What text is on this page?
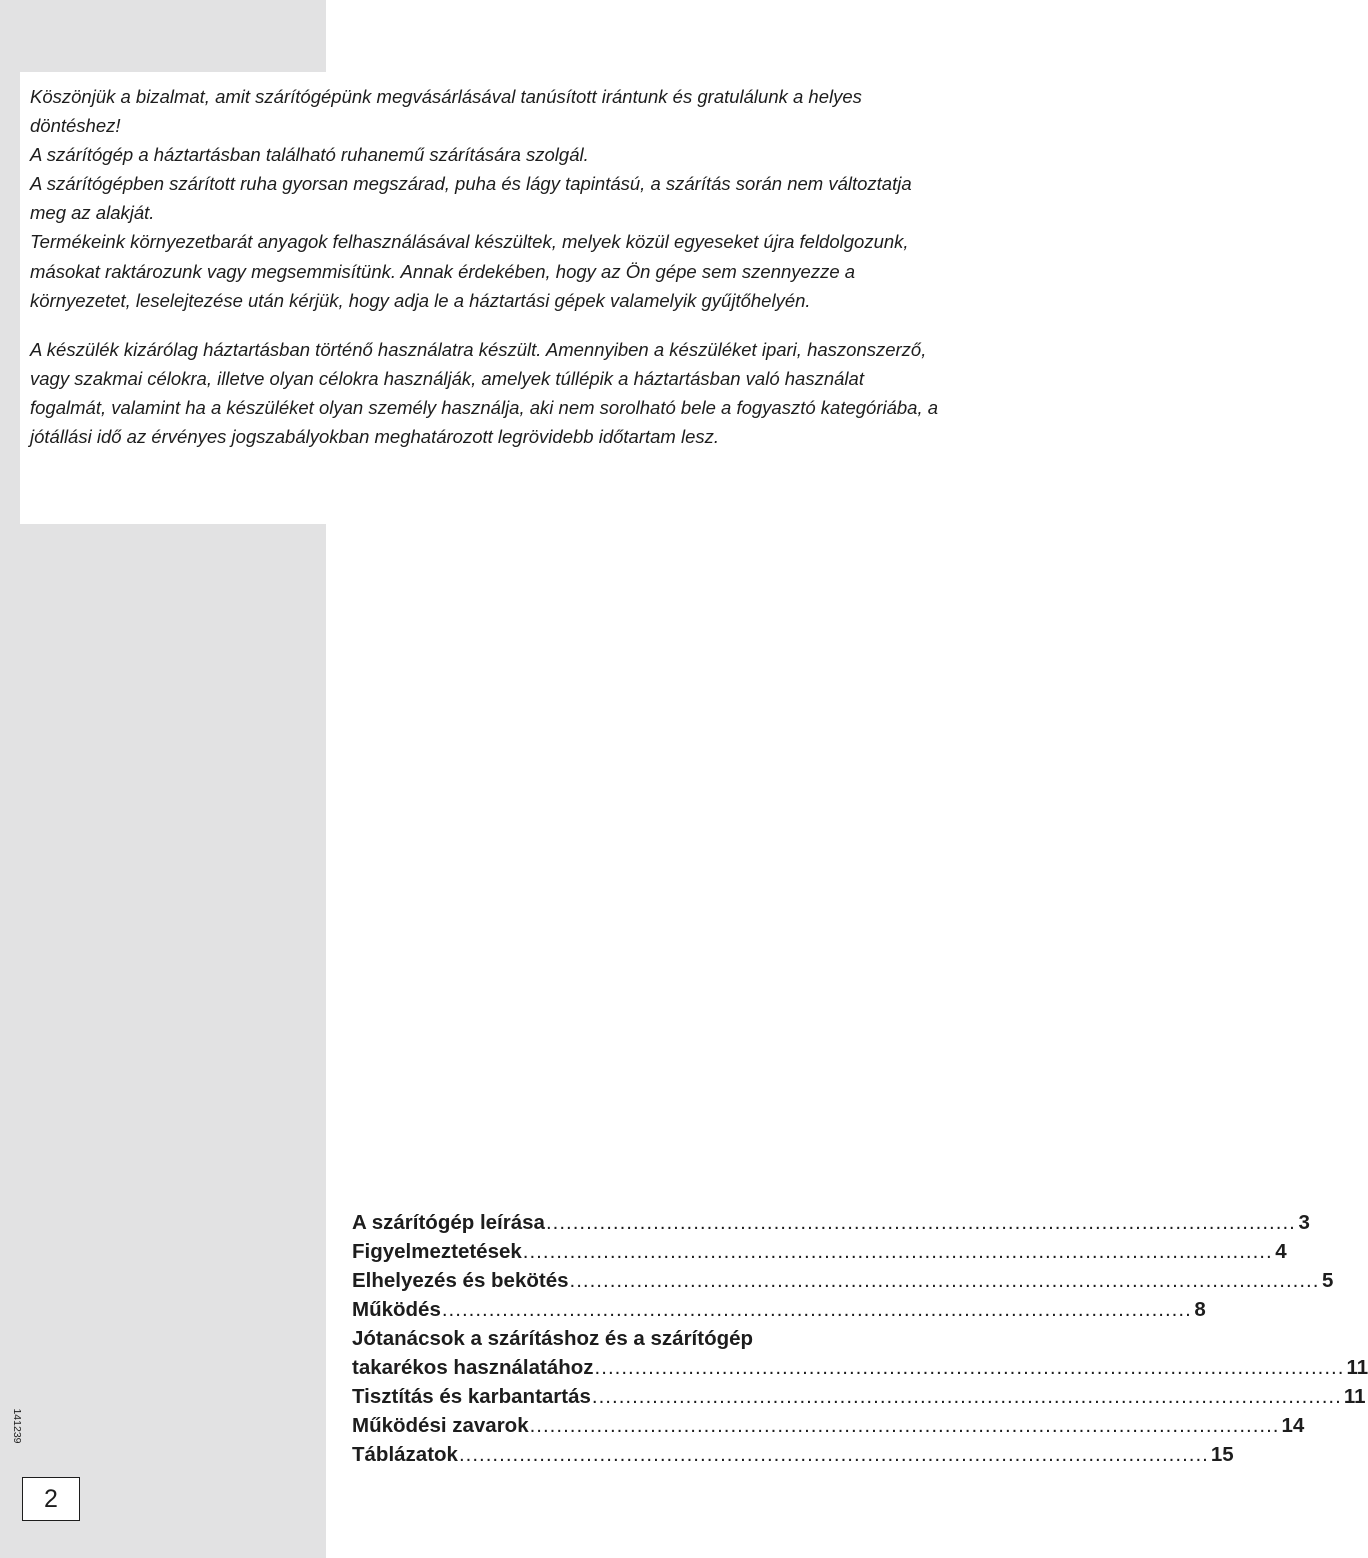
Köszönjük a bizalmat, amit szárítógépünk megvásárlásával tanúsított irántunk és gratulálunk a helyes döntéshez!

A szárítógép a háztartásban található ruhanemű szárítására szolgál.

A szárítógépben szárított ruha gyorsan megszárad, puha és lágy tapintású, a szárítás során nem változtatja meg az alakját.

Termékeink környezetbarát anyagok felhasználásával készültek, melyek közül egyeseket újra feldolgozunk, másokat raktározunk vagy megsemmisítünk. Annak érdekében, hogy az Ön gépe sem szennyezze a környezetet, leselejtezése után kérjük, hogy adja le a háztartási gépek valamelyik gyűjtőhelyén.

A készülék kizárólag háztartásban történő használatra készült. Amennyiben a készüléket ipari, haszonszerző, vagy szakmai célokra, illetve olyan célokra használják, amelyek túllépik a háztartásban való használat fogalmát, valamint ha a készüléket olyan személy használja, aki nem sorolható bele a fogyasztó kategóriába, a jótállási idő az érvényes jogszabályokban meghatározott legrövidebb időtartam lesz.

141239
2
A szárítógép leírása ................................................................................................................ 3
Figyelmeztetések ................................................................................................................ 4
Elhelyezés és bekötés ................................................................................................................ 5
Működés ................................................................................................................ 8
Jótanácsok a szárításhoz és a szárítógép
takarékos használatához ................................................................................................................ 11
Tisztítás és karbantartás ................................................................................................................ 11
Működési zavarok ................................................................................................................ 14
Táblázatok ................................................................................................................ 15
